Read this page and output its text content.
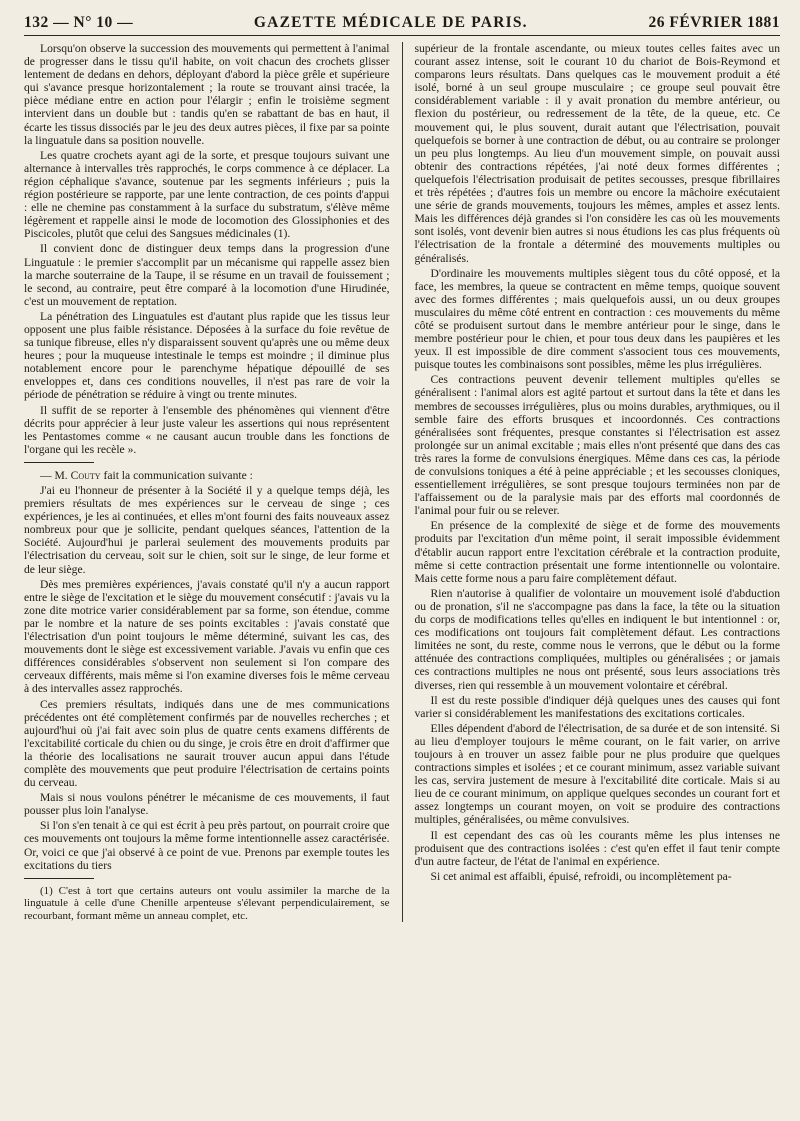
132 — N° 10 —	GAZETTE MÉDICALE DE PARIS.	26 FÉVRIER 1881

Lorsqu'on observe la succession des mouvements qui permettent à l'animal de progresser dans le tissu qu'il habite, on voit chacun des crochets glisser lentement de dedans en dehors, déployant d'abord la pièce grêle et supérieure qui s'avance presque horizontalement ; la route se trouvant ainsi tracée, la pièce médiane entre en action pour l'élargir ; enfin le troisième segment intervient dans un double but : tandis qu'en se rabattant de bas en haut, il écarte les tissus dissociés par le jeu des deux autres pièces, il fixe par sa pointe la linguatule dans sa position nouvelle.

Les quatre crochets ayant agi de la sorte, et presque toujours suivant une alternance à intervalles très rapprochés, le corps commence à ce déplacer. La région céphalique s'avance, soutenue par les segments inférieurs ; puis la région postérieure se rapporte, par une lente contraction, de ces points d'appui : elle ne chemine pas constamment à la surface du substratum, s'élève même légèrement et rappelle ainsi le mode de locomotion des Glossiphonies et des Piscicoles, plutôt que celui des Sangsues médicinales (1).

Il convient donc de distinguer deux temps dans la progression d'une Linguatule : le premier s'accomplit par un mécanisme qui rappelle assez bien la marche souterraine de la Taupe, il se résume en un travail de fouissement ; le second, au contraire, peut être comparé à la locomotion d'une Hirudinée, c'est un mouvement de reptation.

La pénétration des Linguatules est d'autant plus rapide que les tissus leur opposent une plus faible résistance. Déposées à la surface du foie revêtue de sa tunique fibreuse, elles n'y disparaissent souvent qu'après une ou même deux heures ; pour la muqueuse intestinale le temps est moindre ; il diminue plus notablement encore pour le parenchyme hépatique dépouillé de ses enveloppes et, dans ces conditions nouvelles, il n'est pas rare de voir la période de pénétration se réduire à vingt ou trente minutes.

Il suffit de se reporter à l'ensemble des phénomènes qui viennent d'être décrits pour apprécier à leur juste valeur les assertions qui nous représentent les Pentastomes comme « ne causant aucun trouble dans les fonctions de l'organe qui les recèle ».

— M. Couty fait la communication suivante :

J'ai eu l'honneur de présenter à la Société il y a quelque temps déjà, les premiers résultats de mes expériences sur le cerveau de singe ; ces expériences, je les ai continuées, et elles m'ont fourni des faits nouveaux assez nombreux pour que je sollicite, pendant quelques séances, l'attention de la Société. Aujourd'hui je parlerai seulement des mouvements produits par l'électrisation du cerveau, soit sur le chien, soit sur le singe, de leur forme et de leur siège.

Dès mes premières expériences, j'avais constaté qu'il n'y a aucun rapport entre le siège de l'excitation et le siège du mouvement consécutif : j'avais vu la zone dite motrice varier considérablement par sa forme, son étendue, comme par le nombre et la nature de ses points excitables : j'avais constaté que l'électrisation d'un point toujours le même déterminé, suivant les cas, des mouvements dont le siège est excessivement variable. J'avais vu enfin que ces différences considérables s'observent non seulement si l'on compare des cerveaux différents, mais même si l'on examine diverses fois le même cerveau à des intervalles assez rapprochés.

Ces premiers résultats, indiqués dans une de mes communications précédentes ont été complètement confirmés par de nouvelles recherches ; et aujourd'hui où j'ai fait avec soin plus de quatre cents examens différents de l'excitabilité corticale du chien ou du singe, je crois être en droit d'affirmer que la théorie des localisations ne saurait trouver aucun appui dans l'étude complète des mouvements que peut produire l'électrisation de certains points du cerveau.

Mais si nous voulons pénétrer le mécanisme de ces mouvements, il faut pousser plus loin l'analyse.

Si l'on s'en tenait à ce qui est écrit à peu près partout, on pourrait croire que ces mouvements ont toujours la même forme intentionnelle assez caractérisée. Or, voici ce que j'ai observé à ce point de vue. Prenons par exemple toutes les excitations du tiers

(1) C'est à tort que certains auteurs ont voulu assimiler la marche de la linguatule à celle d'une Chenille arpenteuse s'élevant perpendiculairement, se recourbant, formant même un anneau complet, etc.

supérieur de la frontale ascendante, ou mieux toutes celles faites avec un courant assez intense, soit le courant 10 du chariot de Bois-Reymond et comparons leurs résultats. Dans quelques cas le mouvement produit a été isolé, borné à un seul groupe musculaire ; ce groupe seul pouvait être considérablement variable : il y avait pronation du membre antérieur, ou flexion du postérieur, ou redressement de la tête, de la queue, etc. Ce mouvement qui, le plus souvent, durait autant que l'électrisation, pouvait quelquefois se borner à une contraction de début, ou au contraire se prolonger un peu plus longtemps. Au lieu d'un mouvement simple, on pouvait aussi obtenir des contractions répétées, j'ai noté deux formes différentes ; quelquefois l'électrisation produisait de petites secousses, presque fibrillaires et très répétées ; d'autres fois un membre ou encore la mâchoire exécutaient une série de grands mouvements, toujours les mêmes, amples et assez lents. Mais les différences déjà grandes si l'on considère les cas où les mouvements sont isolés, vont devenir bien autres si nous étudions les cas plus fréquents où l'électrisation de la frontale a déterminé des mouvements multiples ou généralisés.

D'ordinaire les mouvements multiples siègent tous du côté opposé, et la face, les membres, la queue se contractent en même temps, quoique souvent avec des formes différentes ; mais quelquefois aussi, un ou deux groupes musculaires du même côté entrent en contraction : ces mouvements du même côté se produisent surtout dans le membre antérieur pour le singe, dans le membre postérieur pour le chien, et pour tous deux dans les paupières et les yeux. Il est impossible de dire comment s'associent tous ces mouvements, puisque toutes les combinaisons sont possibles, même les plus irrégulières.

Ces contractions peuvent devenir tellement multiples qu'elles se généralisent : l'animal alors est agité partout et surtout dans la tête et dans les membres de secousses irrégulières, plus ou moins durables, arythmiques, ou il semble faire des efforts brusques et incoordonnés. Ces contractions généralisées sont fréquentes, presque constantes si l'électrisation est assez prolongée sur un animal excitable ; mais elles n'ont présenté que dans des cas très rares la forme de convulsions énergiques. Même dans ces cas, la période de convulsions toniques a été à peine appréciable ; et les secousses cloniques, essentiellement irrégulières, se sont presque toujours terminées non par de l'affaissement ou de la paralysie mais par des efforts mal coordonnés de l'animal pour fuir ou se relever.

En présence de la complexité de siège et de forme des mouvements produits par l'excitation d'un même point, il serait impossible évidemment d'établir aucun rapport entre l'excitation cérébrale et la contraction produite, même si cette contraction présentait une forme intentionnelle ou volontaire. Mais cette forme nous a paru faire complètement défaut.

Rien n'autorise à qualifier de volontaire un mouvement isolé d'abduction ou de pronation, s'il ne s'accompagne pas dans la face, la tête ou la situation du corps de modifications telles qu'elles en indiquent le but intentionnel : or, ces modifications ont toujours fait complètement défaut. Les contractions limitées ne sont, du reste, comme nous le verrons, que le début ou la forme atténuée des contractions compliquées, multiples ou généralisées ; or jamais ces contractions multiples ne nous ont présenté, sous leurs associations très diverses, rien qui ressemble à un mouvement volontaire et cérébral.

Il est du reste possible d'indiquer déjà quelques unes des causes qui font varier si considérablement les manifestations des excitations corticales.

Elles dépendent d'abord de l'électrisation, de sa durée et de son intensité. Si au lieu d'employer toujours le même courant, on le fait varier, on arrive toujours à en trouver un assez faible pour ne plus produire que quelques contractions simples et isolées ; et ce courant minimum, assez variable suivant les cas, servira justement de mesure à l'excitabilité dite corticale. Mais si au lieu de ce courant minimum, on applique quelques secondes un courant fort et assez longtemps un courant moyen, on voit se produire des contractions multiples, généralisées, ou même convulsives.

Il est cependant des cas où les courants même les plus intenses ne produisent que des contractions isolées : c'est qu'en effet il faut tenir compte d'un autre facteur, de l'état de l'animal en expérience.

Si cet animal est affaibli, épuisé, refroidi, ou incomplètement pa-
